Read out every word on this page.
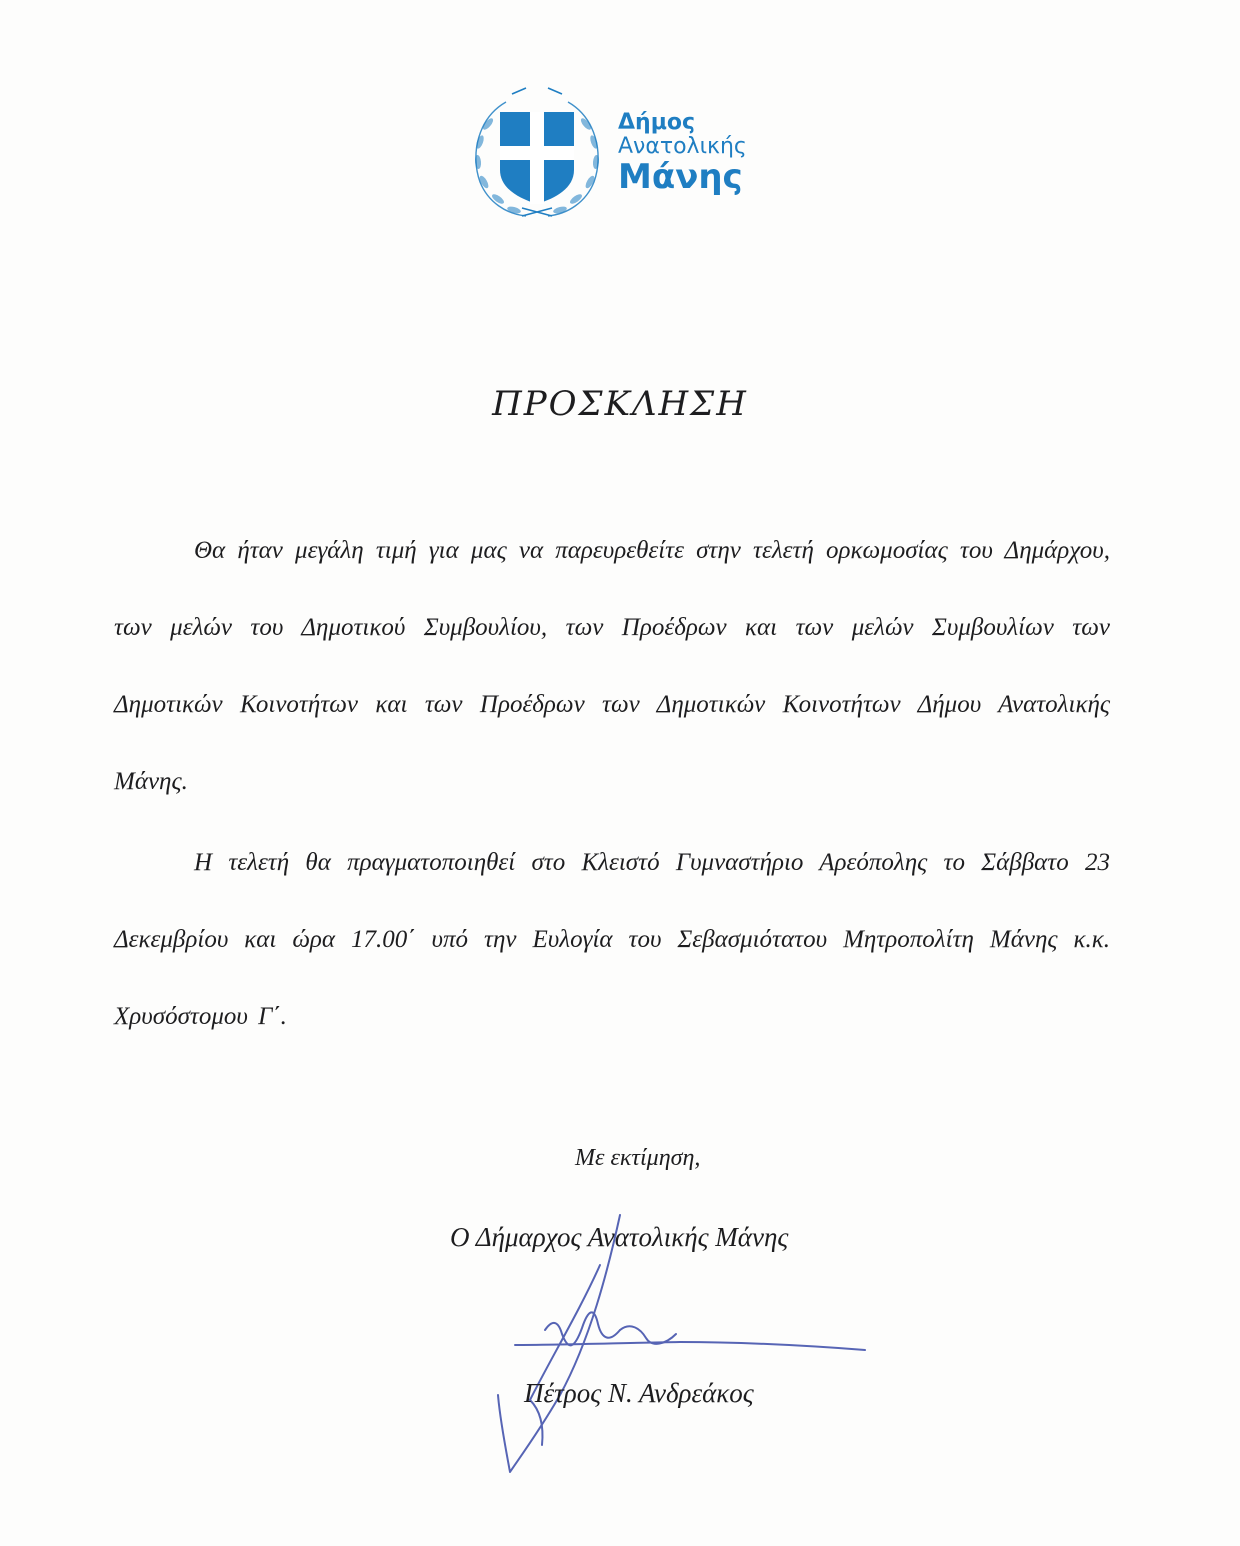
Δήμος
Ανατολικής
Μάνης
ΠΡΟΣΚΛΗΣΗ
Θα ήταν μεγάλη τιμή για μας να παρευρεθείτε στην τελετή ορκωμοσίας του Δημάρχου, των μελών του Δημοτικού Συμβουλίου, των Προέδρων και των μελών Συμβουλίων των Δημοτικών Κοινοτήτων και των Προέδρων των Δημοτικών Κοινοτήτων Δήμου Ανατολικής Μάνης.
Η τελετή θα πραγματοποιηθεί στο Κλειστό Γυμναστήριο Αρεόπολης το Σάββατο 23 Δεκεμβρίου και ώρα 17.00΄ υπό την Ευλογία του Σεβασμιότατου Μητροπολίτη Μάνης κ.κ. Χρυσόστομου Γ΄.
Με εκτίμηση,
Ο Δήμαρχος Ανατολικής Μάνης
Πέτρος Ν. Ανδρεάκος
